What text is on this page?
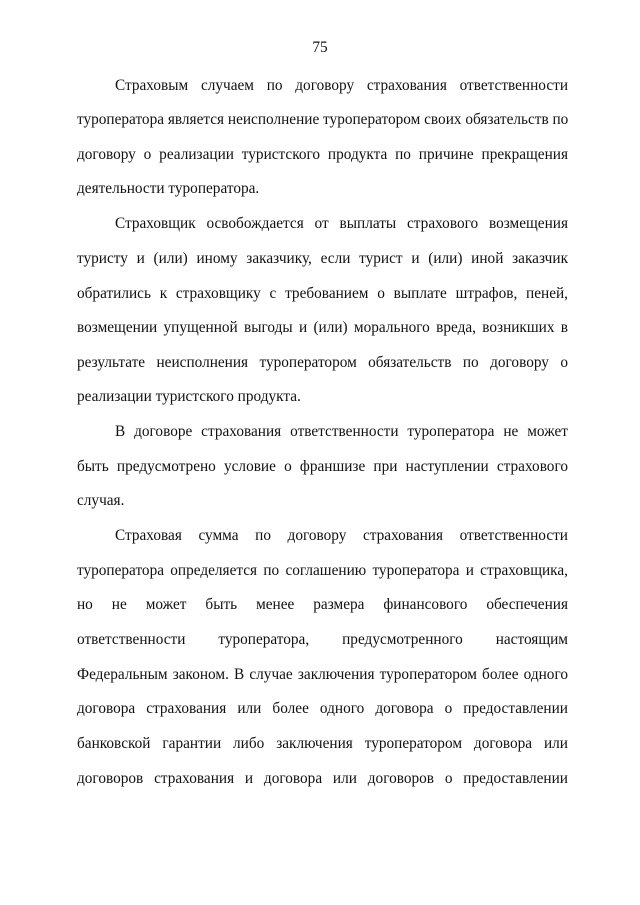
75
Страховым случаем по договору страхования ответственности
туроператора является неисполнение туроператором своих обязательств по
договору о реализации туристского продукта по причине прекращения
деятельности туроператора.
Страховщик освобождается от выплаты страхового возмещения
туристу и (или) иному заказчику, если турист и (или) иной заказчик
обратились к страховщику с требованием о выплате штрафов, пеней,
возмещении упущенной выгоды и (или) морального вреда, возникших в
результате неисполнения туроператором обязательств по договору о
реализации туристского продукта.
В договоре страхования ответственности туроператора не может
быть предусмотрено условие о франшизе при наступлении страхового
случая.
Страховая сумма по договору страхования ответственности
туроператора определяется по соглашению туроператора и страховщика,
но не может быть менее размера финансового обеспечения
ответственности туроператора, предусмотренного настоящим
Федеральным законом. В случае заключения туроператором более одного
договора страхования или более одного договора о предоставлении
банковской гарантии либо заключения туроператором договора или
договоров страхования и договора или договоров о предоставлении
